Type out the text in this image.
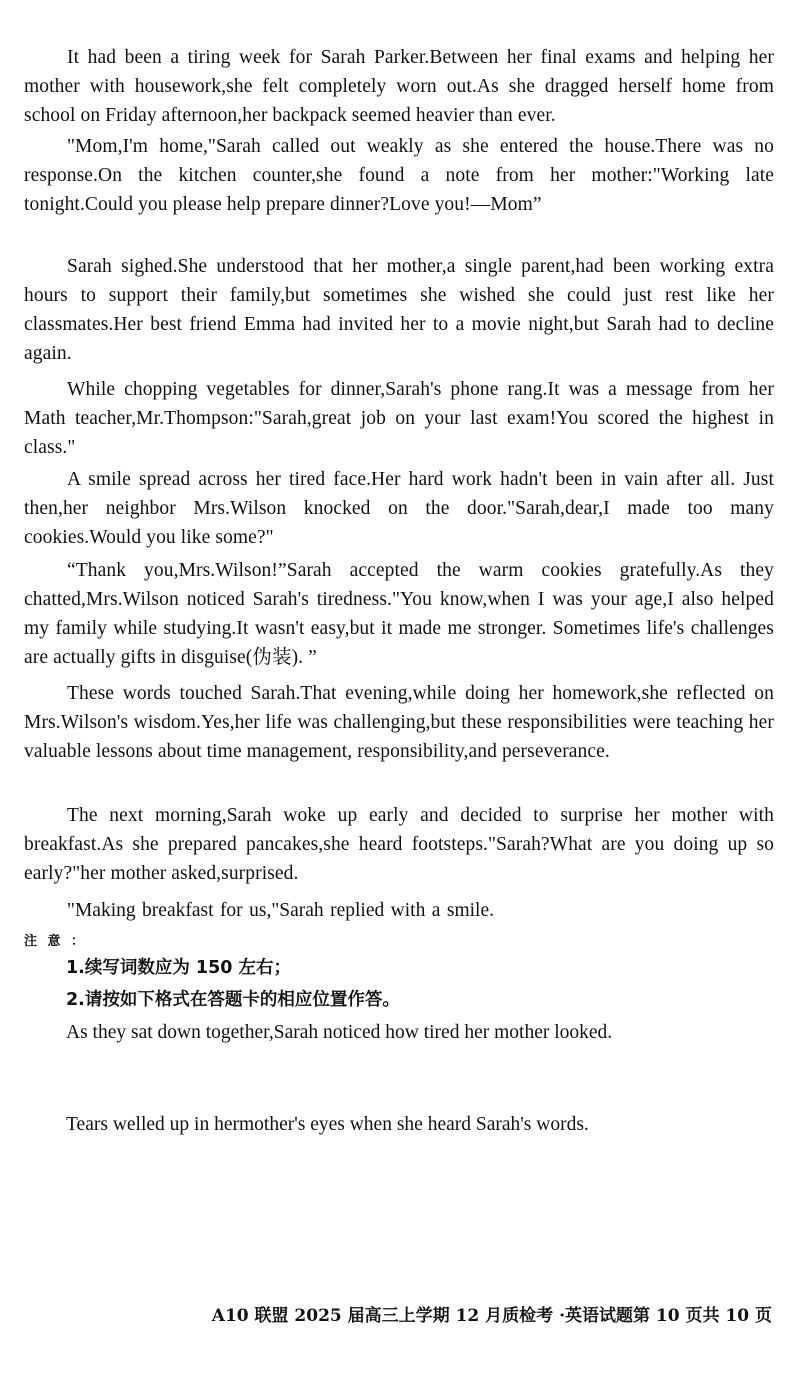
It had been a tiring week for Sarah Parker.Between her final exams and helping her mother with housework,she felt completely worn out.As she dragged herself home from school on Friday afternoon,her backpack seemed heavier than ever.

"Mom,I'm home,"Sarah called out weakly as she entered the house.There was no response.On the kitchen counter,she found a note from her mother:"Working late tonight.Could you please help prepare dinner?Love you!—Mom”

Sarah sighed.She understood that her mother,a single parent,had been working extra hours to support their family,but sometimes she wished she could just rest like her classmates.Her best friend Emma had invited her to a movie night,but Sarah had to decline again.

While chopping vegetables for dinner,Sarah's phone rang.It was a message from her Math teacher,Mr.Thompson:"Sarah,great job on your last exam!You scored the highest in class."

A smile spread across her tired face.Her hard work hadn't been in vain after all. Just then,her neighbor Mrs.Wilson knocked on the door."Sarah,dear,I made too many cookies.Would you like some?"

“Thank you,Mrs.Wilson!”Sarah accepted the warm cookies gratefully.As they chatted,Mrs.Wilson noticed Sarah's tiredness."You know,when I was your age,I also helped my family while studying.It wasn't easy,but it made me stronger. Sometimes life's challenges are actually gifts in disguise(伪装). ”

These words touched Sarah.That evening,while doing her homework,she reflected on Mrs.Wilson's wisdom.Yes,her life was challenging,but these responsibilities were teaching her valuable lessons about time management, responsibility,and perseverance.

The next morning,Sarah woke up early and decided to surprise her mother with breakfast.As she prepared pancakes,she heard footsteps."Sarah?What are you doing up so early?"her mother asked,surprised.

"Making breakfast for us,"Sarah replied with a smile. 注 意 ：

1.续写词数应为 150 左右；

2.请按如下格式在答题卡的相应位置作答。

As they sat down together,Sarah noticed how tired her mother looked.

Tears welled up in hermother's eyes when she heard Sarah's words.

A10 联盟 2025 届高三上学期 12 月质检考 ·英语试题第 10 页共 10 页
